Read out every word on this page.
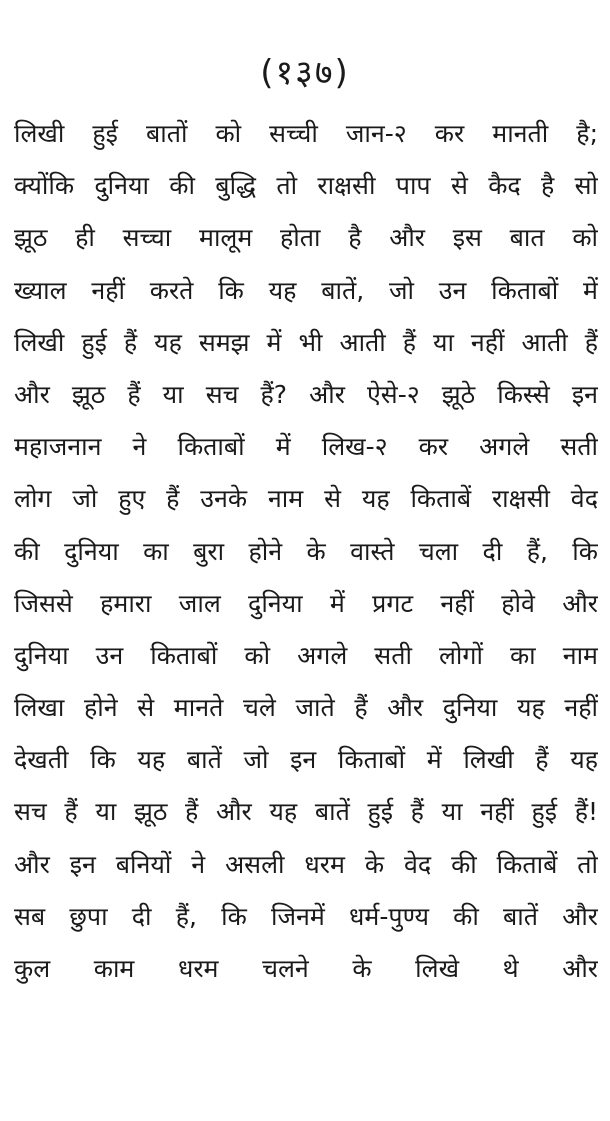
(१३७)
लिखी हुई बातों को सच्ची जान-२ कर मानती है;
क्योंकि दुनिया की बुद्धि तो राक्षसी पाप से कैद है सो
झूठ ही सच्चा मालूम होता है और इस बात को
ख्याल नहीं करते कि यह बातें, जो उन किताबों में
लिखी हुई हैं यह समझ में भी आती हैं या नहीं आती हैं
और झूठ हैं या सच हैं? और ऐसे-२ झूठे किस्से इन
महाजनान ने किताबों में लिख-२ कर अगले सती
लोग जो हुए हैं उनके नाम से यह किताबें राक्षसी वेद
की दुनिया का बुरा होने के वास्ते चला दी हैं, कि
जिससे हमारा जाल दुनिया में प्रगट नहीं होवे और
दुनिया उन किताबों को अगले सती लोगों का नाम
लिखा होने से मानते चले जाते हैं और दुनिया यह नहीं
देखती कि यह बातें जो इन किताबों में लिखी हैं यह
सच हैं या झूठ हैं और यह बातें हुई हैं या नहीं हुई हैं!
और इन बनियों ने असली धरम के वेद की किताबें तो
सब छुपा दी हैं, कि जिनमें धर्म-पुण्य की बातें और
कुल काम धरम चलने के लिखे थे और
